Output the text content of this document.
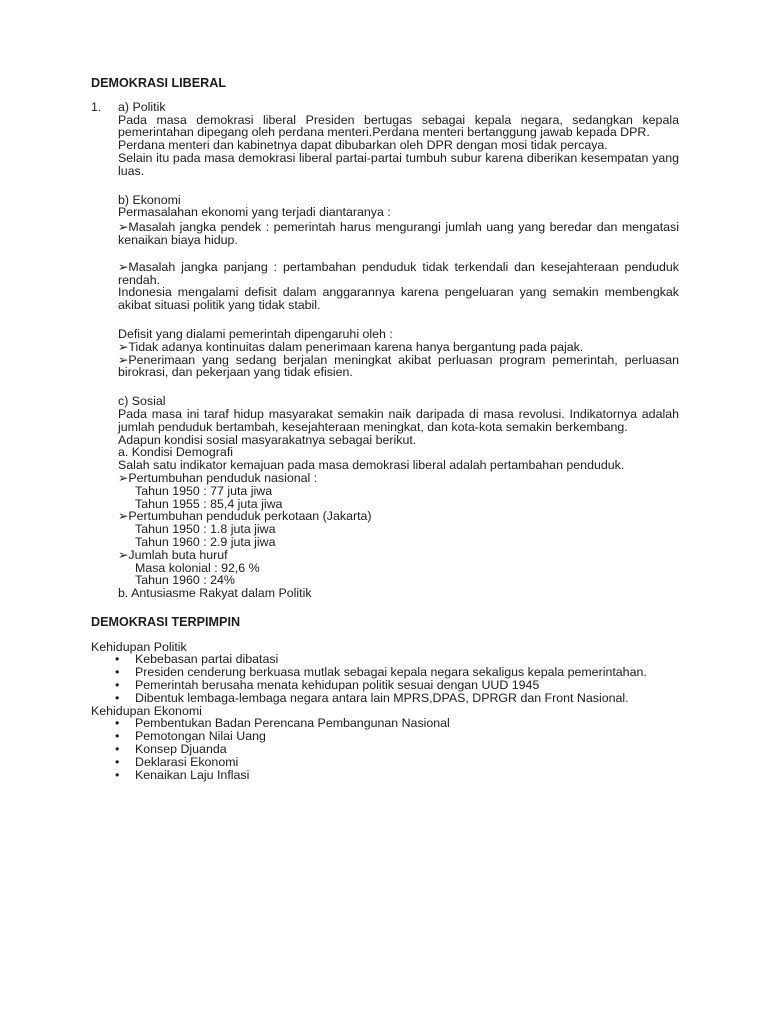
DEMOKRASI LIBERAL
1. a) Politik

Pada masa demokrasi liberal Presiden bertugas sebagai kepala negara, sedangkan kepala pemerintahan dipegang oleh perdana menteri.Perdana menteri bertanggung jawab kepada DPR.

Perdana menteri dan kabinetnya dapat dibubarkan oleh DPR dengan mosi tidak percaya.

Selain itu pada masa demokrasi liberal partai-partai tumbuh subur karena diberikan kesempatan yang luas.

b) Ekonomi

Permasalahan ekonomi yang terjadi diantaranya :

➢Masalah jangka pendek : pemerintah harus mengurangi jumlah uang yang beredar dan mengatasi kenaikan biaya hidup.

➢Masalah jangka panjang : pertambahan penduduk tidak terkendali dan kesejahteraan penduduk rendah.

Indonesia mengalami defisit dalam anggarannya karena pengeluaran yang semakin membengkak akibat situasi politik yang tidak stabil.

Defisit yang dialami pemerintah dipengaruhi oleh :

➢Tidak adanya kontinuitas dalam penerimaan karena hanya bergantung pada pajak.

➢Penerimaan yang sedang berjalan meningkat akibat perluasan program pemerintah, perluasan birokrasi, dan pekerjaan yang tidak efisien.

c) Sosial

Pada masa ini taraf hidup masyarakat semakin naik daripada di masa revolusi. Indikatornya adalah jumlah penduduk bertambah, kesejahteraan meningkat, dan kota-kota semakin berkembang.

Adapun kondisi sosial masyarakatnya sebagai berikut.

a. Kondisi Demografi

Salah satu indikator kemajuan pada masa demokrasi liberal adalah pertambahan penduduk.

➢Pertumbuhan penduduk nasional :

Tahun 1950 : 77 juta jiwa

Tahun 1955 : 85,4 juta jiwa

➢Pertumbuhan penduduk perkotaan (Jakarta)

Tahun 1950 : 1.8 juta jiwa

Tahun 1960 : 2.9 juta jiwa

➢Jumlah buta huruf

Masa kolonial : 92,6 %

Tahun 1960 : 24%

b. Antusiasme Rakyat dalam Politik

DEMOKRASI TERPIMPIN

Kehidupan Politik

• Kebebasan partai dibatasi

• Presiden cenderung berkuasa mutlak sebagai kepala negara sekaligus kepala pemerintahan.

• Pemerintah berusaha menata kehidupan politik sesuai dengan UUD 1945

• Dibentuk lembaga-lembaga negara antara lain MPRS,DPAS, DPRGR dan Front Nasional.

Kehidupan Ekonomi

• Pembentukan Badan Perencana Pembangunan Nasional

• Pemotongan Nilai Uang

• Konsep Djuanda

• Deklarasi Ekonomi

• Kenaikan Laju Inflasi
